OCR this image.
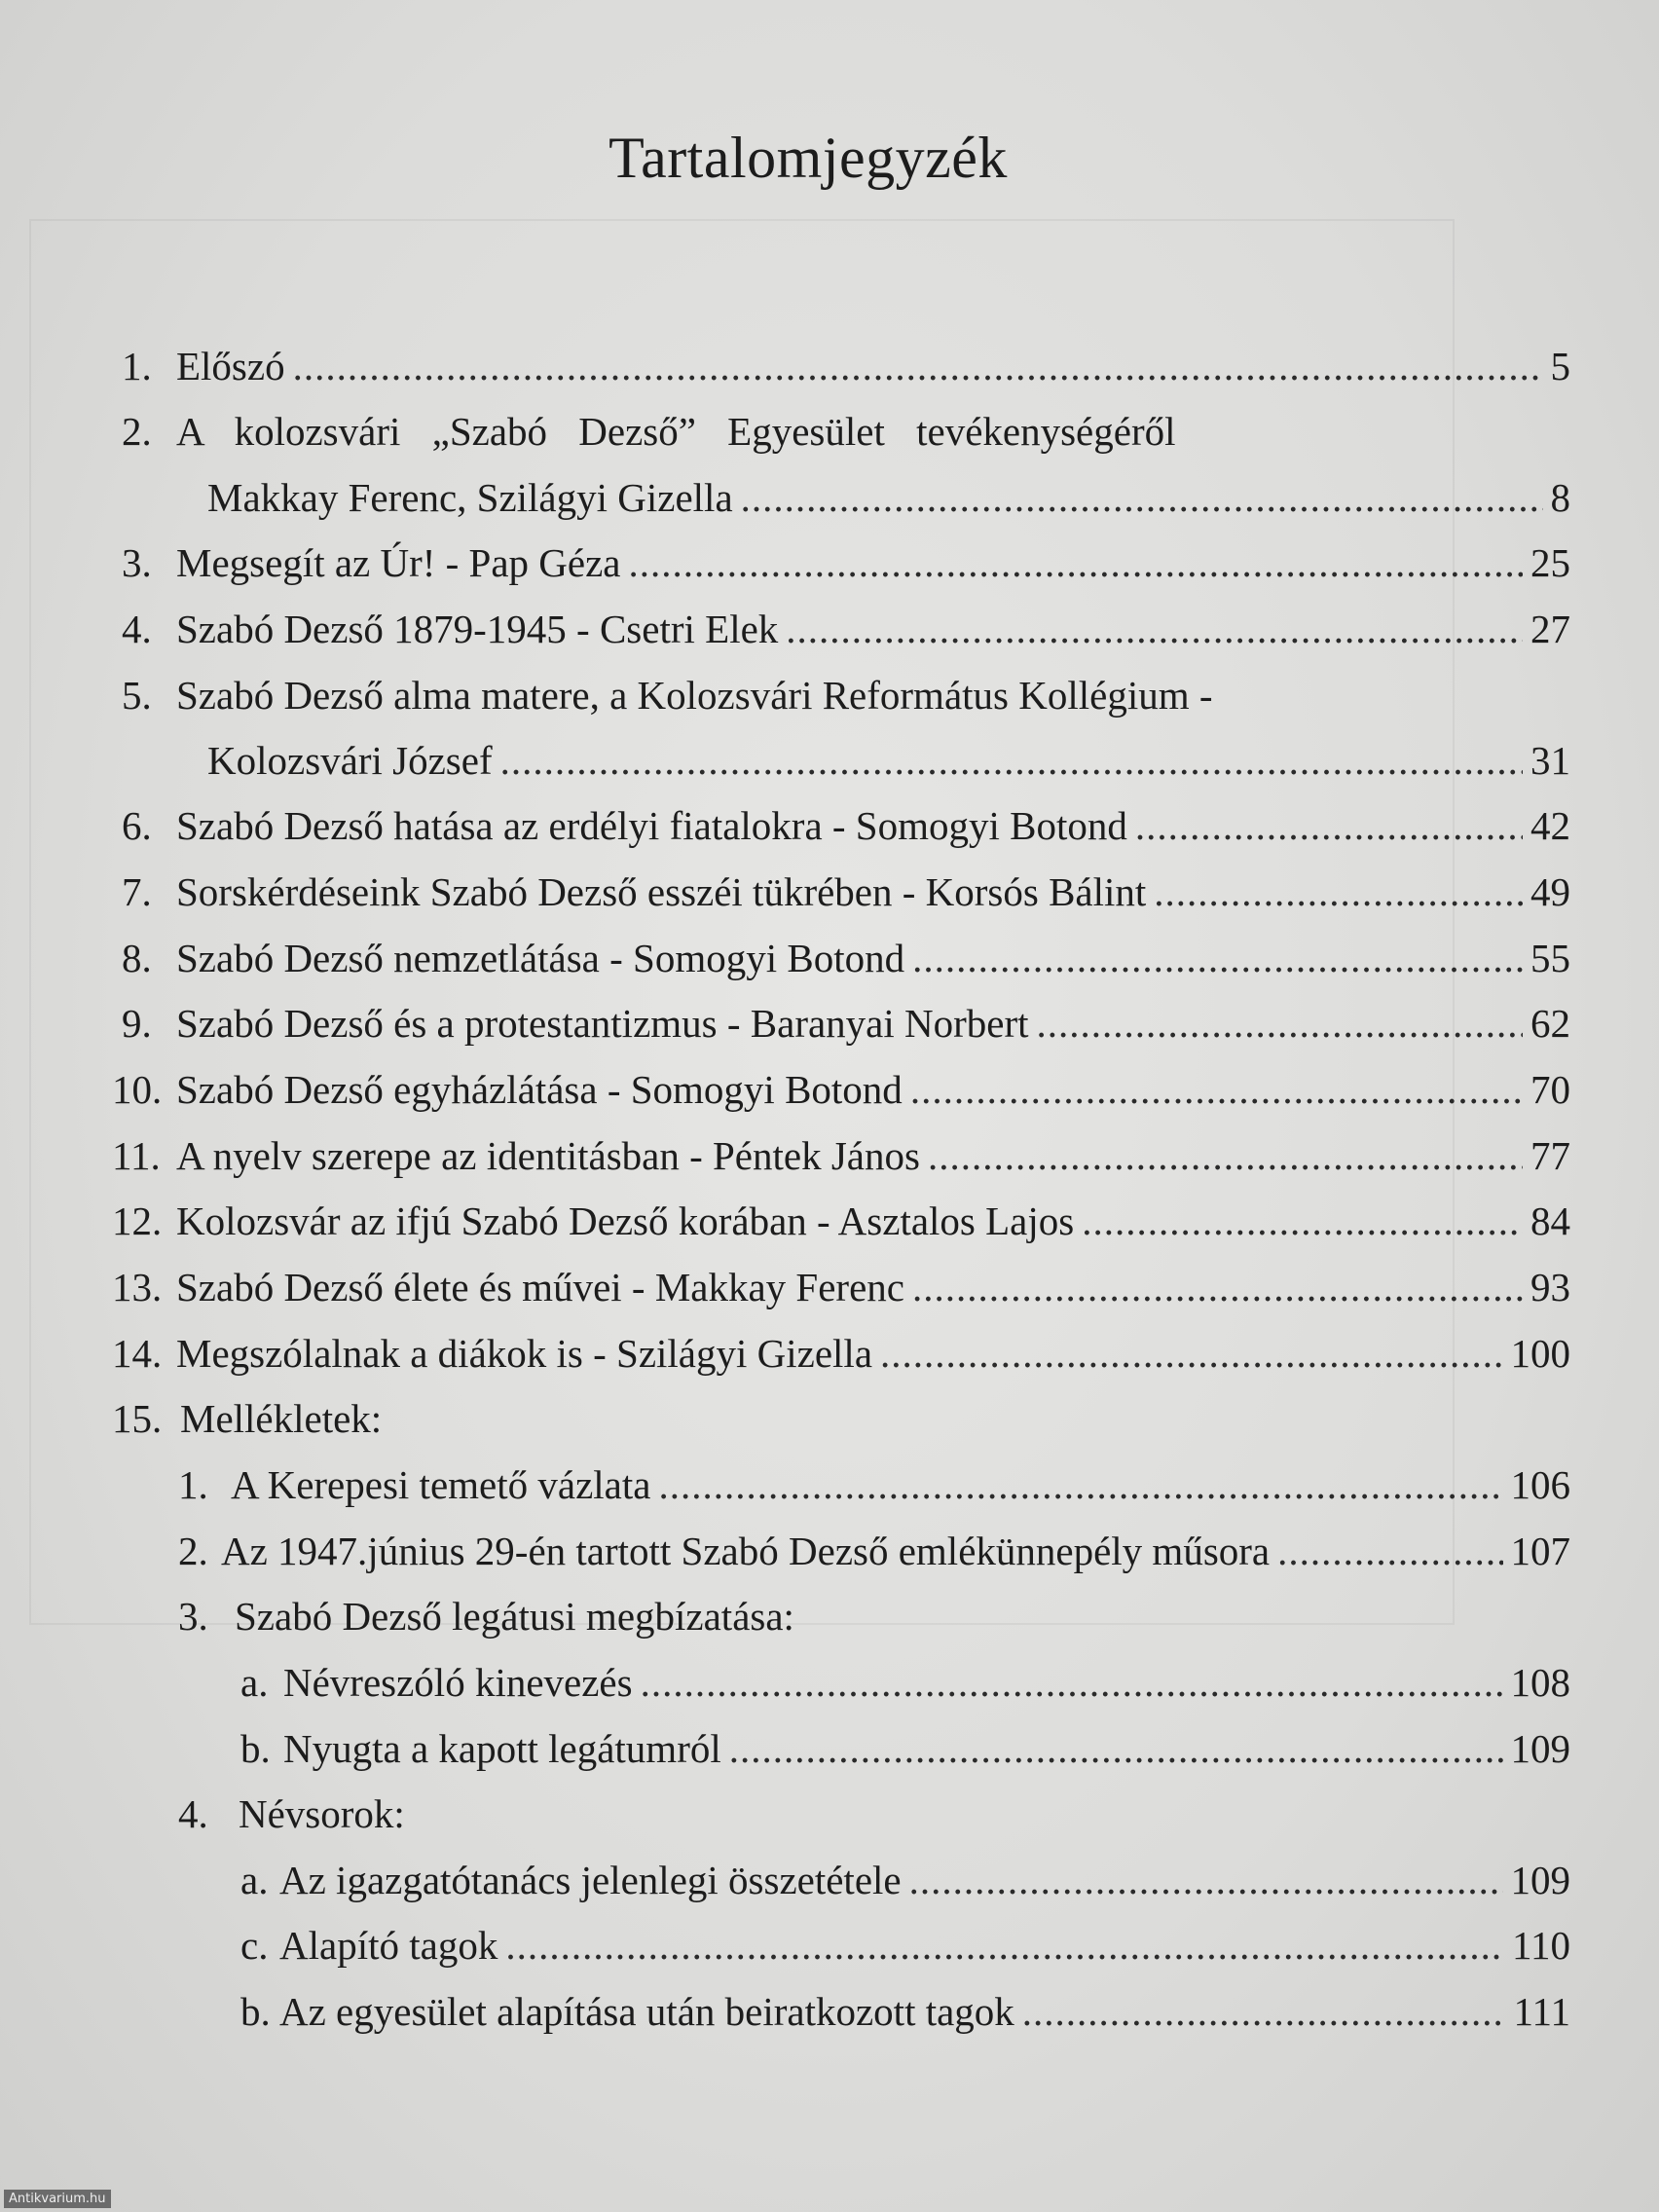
Tartalomjegyzék
1. Előszó .....	5
2. A kolozsvári „Szabó Dezső” Egyesület tevékenységéről
Makkay Ferenc, Szilágyi Gizella .....	8
3. Megsegít az Úr! - Pap Géza .....	25
4. Szabó Dezső 1879-1945 - Csetri Elek .....	27
5. Szabó Dezső alma matere, a Kolozsvári Református Kollégium -
Kolozsvári József .....	31
6. Szabó Dezső hatása az erdélyi fiatalokra - Somogyi Botond .....	42
7. Sorskérdéseink Szabó Dezső esszéi tükrében - Korsós Bálint .....	49
8. Szabó Dezső nemzetlátása - Somogyi Botond .....	55
9. Szabó Dezső és a protestantizmus - Baranyai Norbert .....	62
10. Szabó Dezső egyházlátása - Somogyi Botond .....	70
11. A nyelv szerepe az identitásban - Péntek János .....	77
12. Kolozsvár az ifjú Szabó Dezső korában - Asztalos Lajos .....	84
13. Szabó Dezső élete és művei - Makkay Ferenc .....	93
14. Megszólalnak a diákok is - Szilágyi Gizella .....	100
15. Mellékletek:
1. A Kerepesi temető vázlata .....	106
2. Az 1947.június 29-én tartott Szabó Dezső emlékünnepély műsora .....	107
3. Szabó Dezső legátusi megbízatása:
a. Névreszóló kinevezés .....	108
b. Nyugta a kapott legátumról .....	109
4. Névsorok:
a. Az igazgatótanács jelenlegi összetétele .....	109
c. Alapító tagok .....	110
b. Az egyesület alapítása után beiratkozott tagok .....	111
Antikvarium.hu
